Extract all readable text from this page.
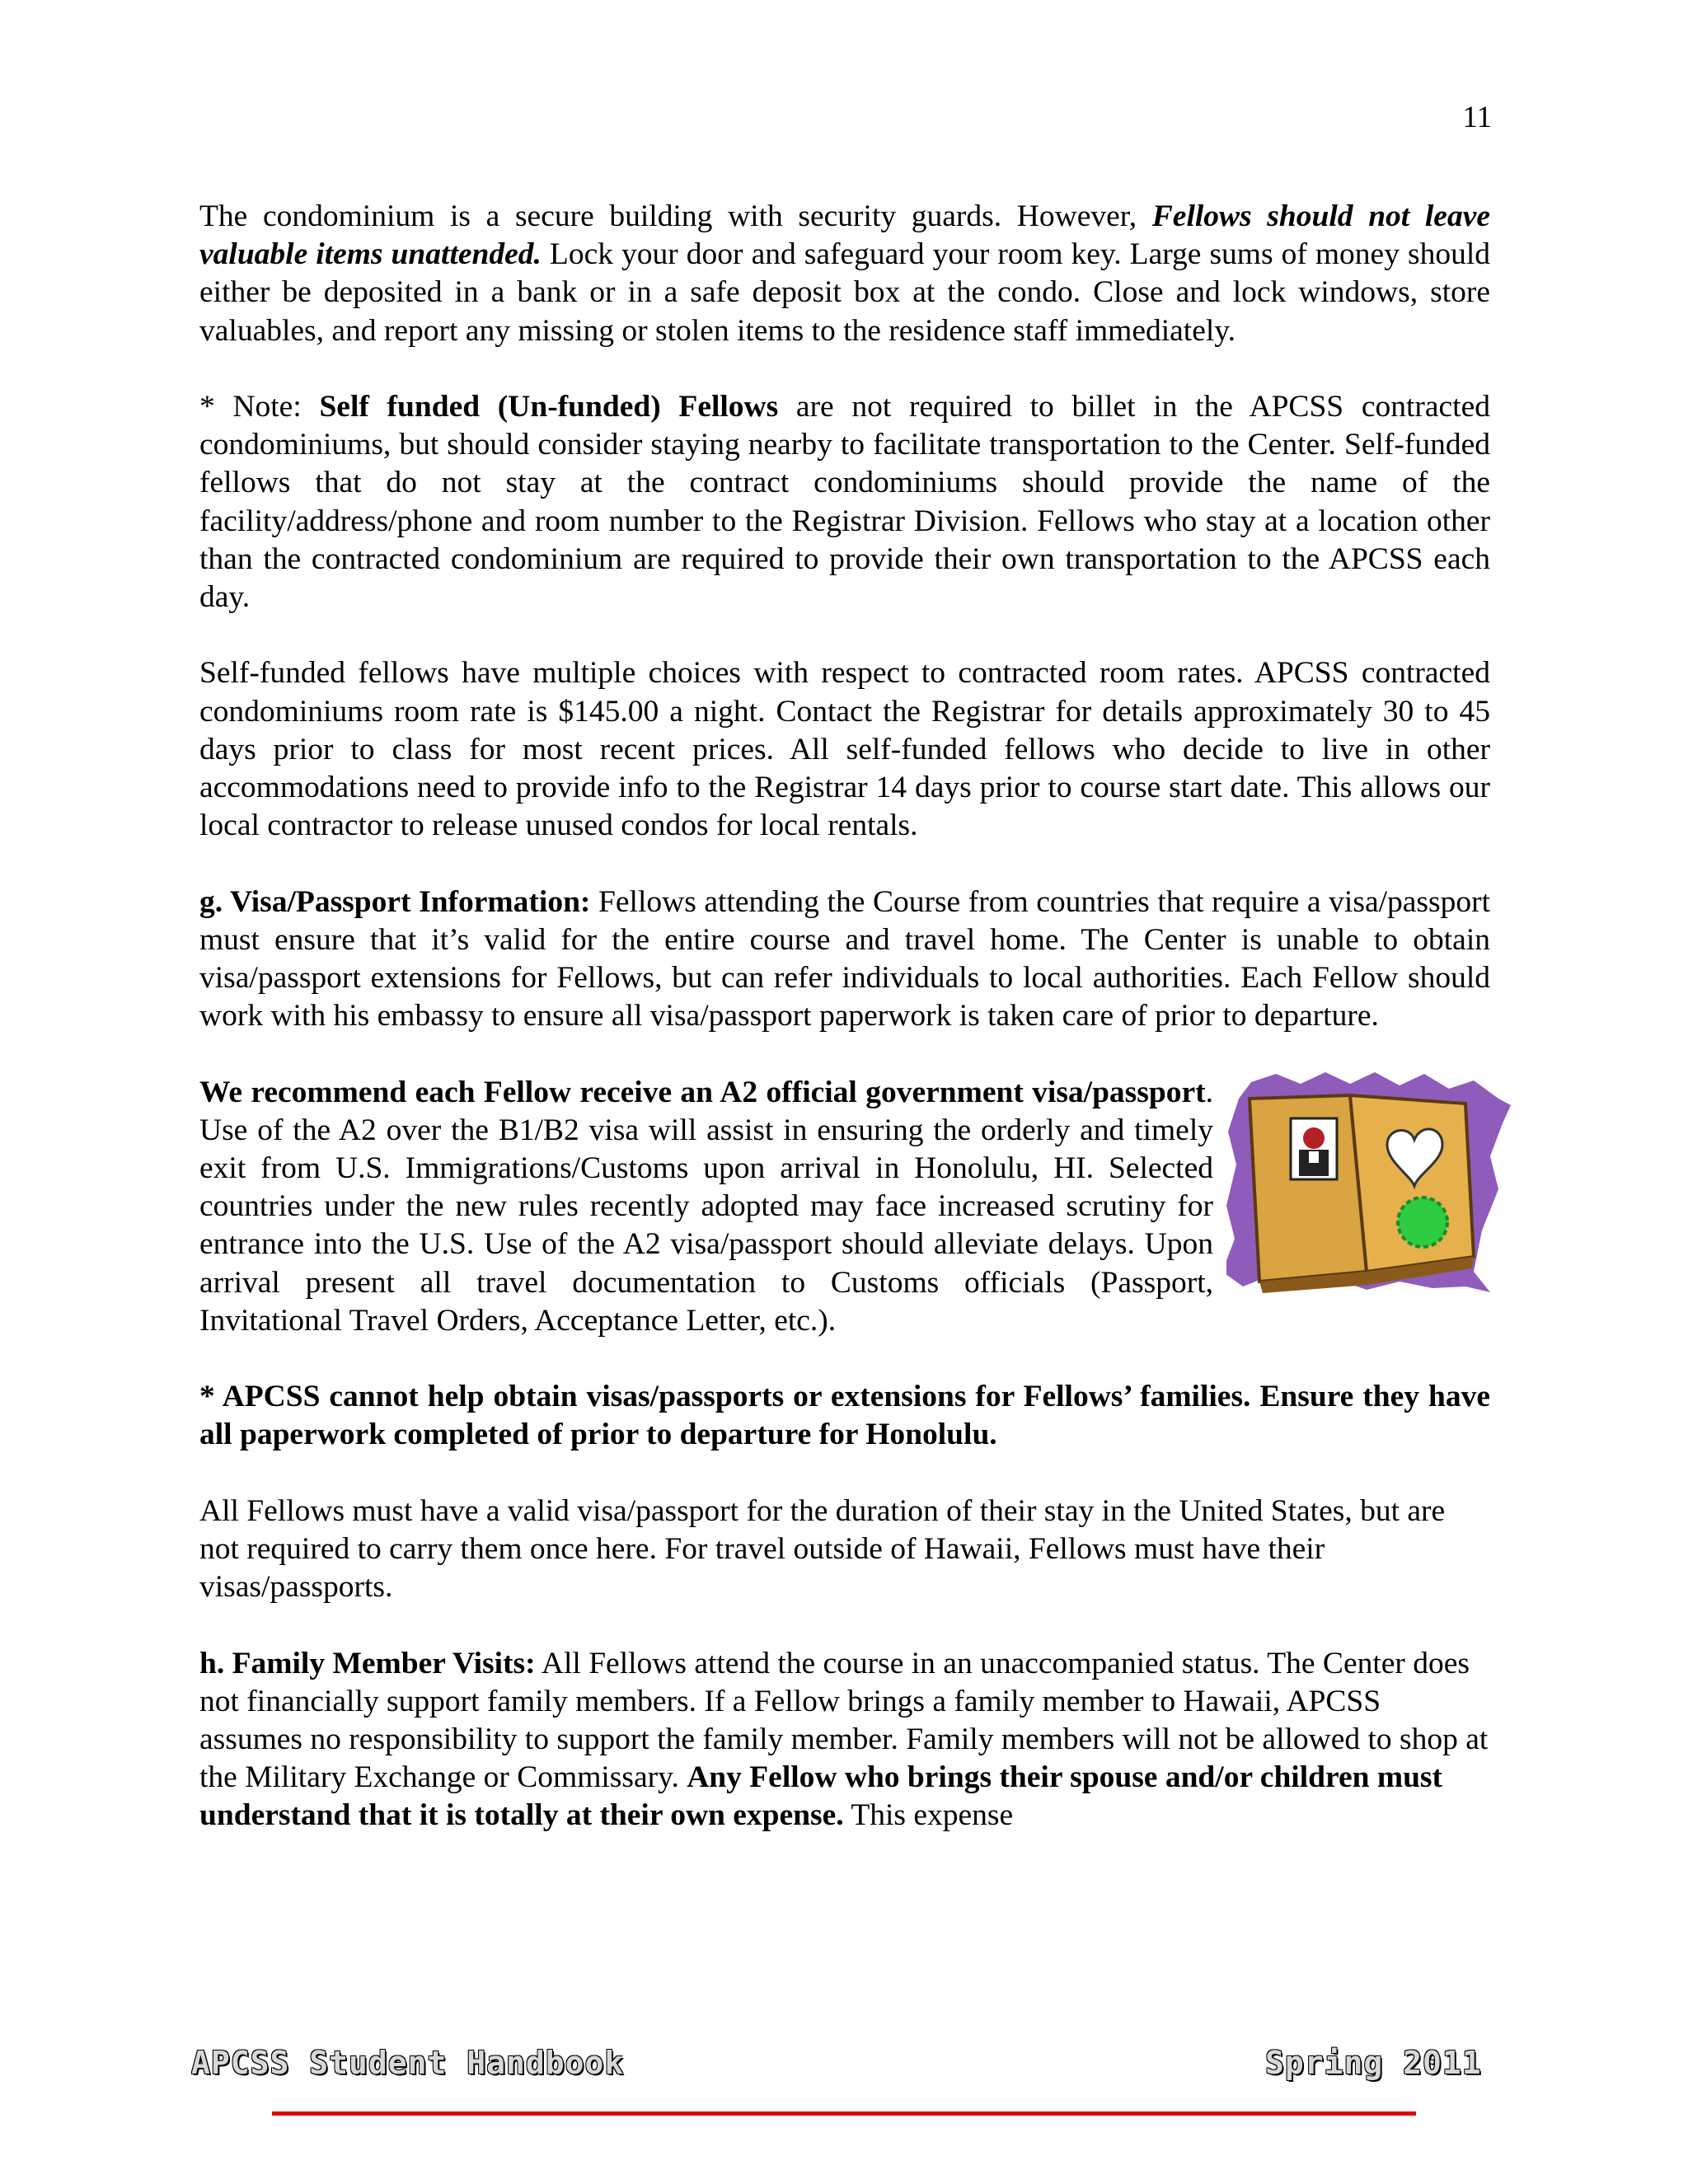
11

The condominium is a secure building with security guards. However, Fellows should not leave valuable items unattended. Lock your door and safeguard your room key. Large sums of money should either be deposited in a bank or in a safe deposit box at the condo. Close and lock windows, store valuables, and report any missing or stolen items to the residence staff immediately.

* Note: Self funded (Un-funded) Fellows are not required to billet in the APCSS contracted condominiums, but should consider staying nearby to facilitate transportation to the Center. Self-funded fellows that do not stay at the contract condominiums should provide the name of the facility/address/phone and room number to the Registrar Division. Fellows who stay at a location other than the contracted condominium are required to provide their own transportation to the APCSS each day.

Self-funded fellows have multiple choices with respect to contracted room rates. APCSS contracted condominiums room rate is $145.00 a night. Contact the Registrar for details approximately 30 to 45 days prior to class for most recent prices. All self-funded fellows who decide to live in other accommodations need to provide info to the Registrar 14 days prior to course start date. This allows our local contractor to release unused condos for local rentals.

g. Visa/Passport Information: Fellows attending the Course from countries that require a visa/passport must ensure that it’s valid for the entire course and travel home. The Center is unable to obtain visa/passport extensions for Fellows, but can refer individuals to local authorities. Each Fellow should work with his embassy to ensure all visa/passport paperwork is taken care of prior to departure.

We recommend each Fellow receive an A2 official government visa/passport. Use of the A2 over the B1/B2 visa will assist in ensuring the orderly and timely exit from U.S. Immigrations/Customs upon arrival in Honolulu, HI. Selected countries under the new rules recently adopted may face increased scrutiny for entrance into the U.S. Use of the A2 visa/passport should alleviate delays. Upon arrival present all travel documentation to Customs officials (Passport, Invitational Travel Orders, Acceptance Letter, etc.).

* APCSS cannot help obtain visas/passports or extensions for Fellows’ families. Ensure they have all paperwork completed of prior to departure for Honolulu.

All Fellows must have a valid visa/passport for the duration of their stay in the United States, but are not required to carry them once here. For travel outside of Hawaii, Fellows must have their visas/passports.

h. Family Member Visits: All Fellows attend the course in an unaccompanied status. The Center does not financially support family members. If a Fellow brings a family member to Hawaii, APCSS assumes no responsibility to support the family member. Family members will not be allowed to shop at the Military Exchange or Commissary. Any Fellow who brings their spouse and/or children must understand that it is totally at their own expense. This expense

APCSS Student Handbook	Spring 2011
